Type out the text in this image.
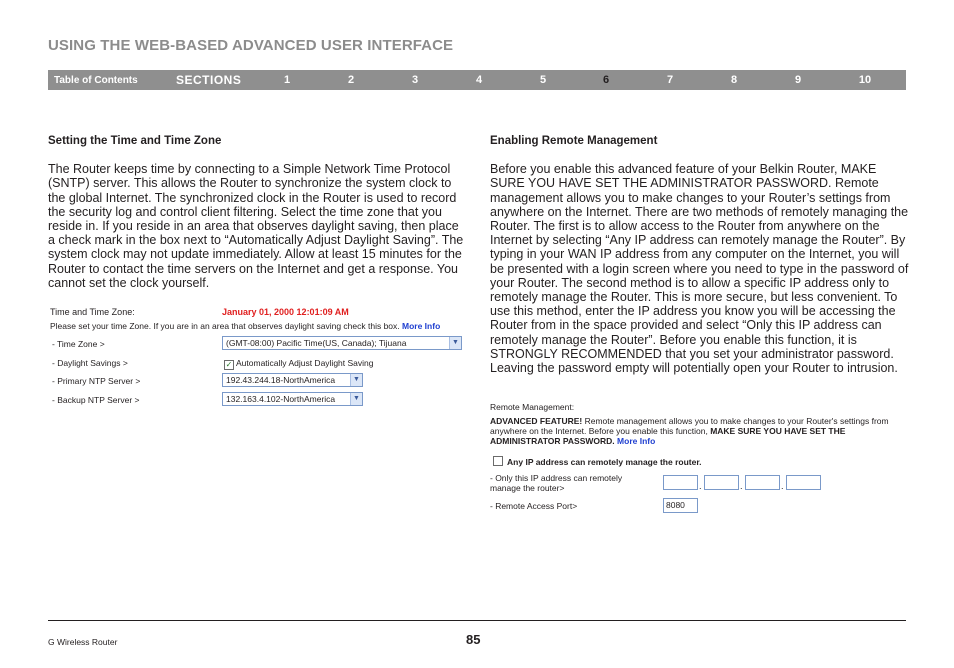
USING THE WEB-BASED ADVANCED USER INTERFACE
Table of Contents	SECTIONS	1	2	3	4	5	6	7	8	9	10
Setting the Time and Time Zone

The Router keeps time by connecting to a Simple Network Time Protocol (SNTP) server. This allows the Router to synchronize the system clock to the global Internet. The synchronized clock in the Router is used to record the security log and control client filtering. Select the time zone that you reside in. If you reside in an area that observes daylight saving, then place a check mark in the box next to “Automatically Adjust Daylight Saving”. The system clock may not update immediately. Allow at least 15 minutes for the Router to contact the time servers on the Internet and get a response. You cannot set the clock yourself.

Time and Time Zone:	January 01, 2000 12:01:09 AM
Please set your time Zone. If you are in an area that observes daylight saving check this box. More Info
- Time Zone >	(GMT-08:00) Pacific Time(US, Canada); Tijuana	▼
- Daylight Savings >	✓ Automatically Adjust Daylight Saving
- Primary NTP Server >	192.43.244.18-NorthAmerica	▼
- Backup NTP Server >	132.163.4.102-NorthAmerica	▼
Enabling Remote Management

Before you enable this advanced feature of your Belkin Router, MAKE SURE YOU HAVE SET THE ADMINISTRATOR PASSWORD. Remote management allows you to make changes to your Router’s settings from anywhere on the Internet. There are two methods of remotely managing the Router. The first is to allow access to the Router from anywhere on the Internet by selecting “Any IP address can remotely manage the Router”. By typing in your WAN IP address from any computer on the Internet, you will be presented with a login screen where you need to type in the password of your Router. The second method is to allow a specific IP address only to remotely manage the Router. This is more secure, but less convenient. To use this method, enter the IP address you know you will be accessing the Router from in the space provided and select “Only this IP address can remotely manage the Router”. Before you enable this function, it is STRONGLY RECOMMENDED that you set your administrator password. Leaving the password empty will potentially open your Router to intrusion.

Remote Management:
ADVANCED FEATURE! Remote management allows you to make changes to your Router's settings from anywhere on the Internet. Before you enable this function, MAKE SURE YOU HAVE SET THE ADMINISTRATOR PASSWORD. More Info
Any IP address can remotely manage the router.
- Only this IP address can remotely manage the router>	.	.	.
- Remote Access Port>	8080
G Wireless Router	85
